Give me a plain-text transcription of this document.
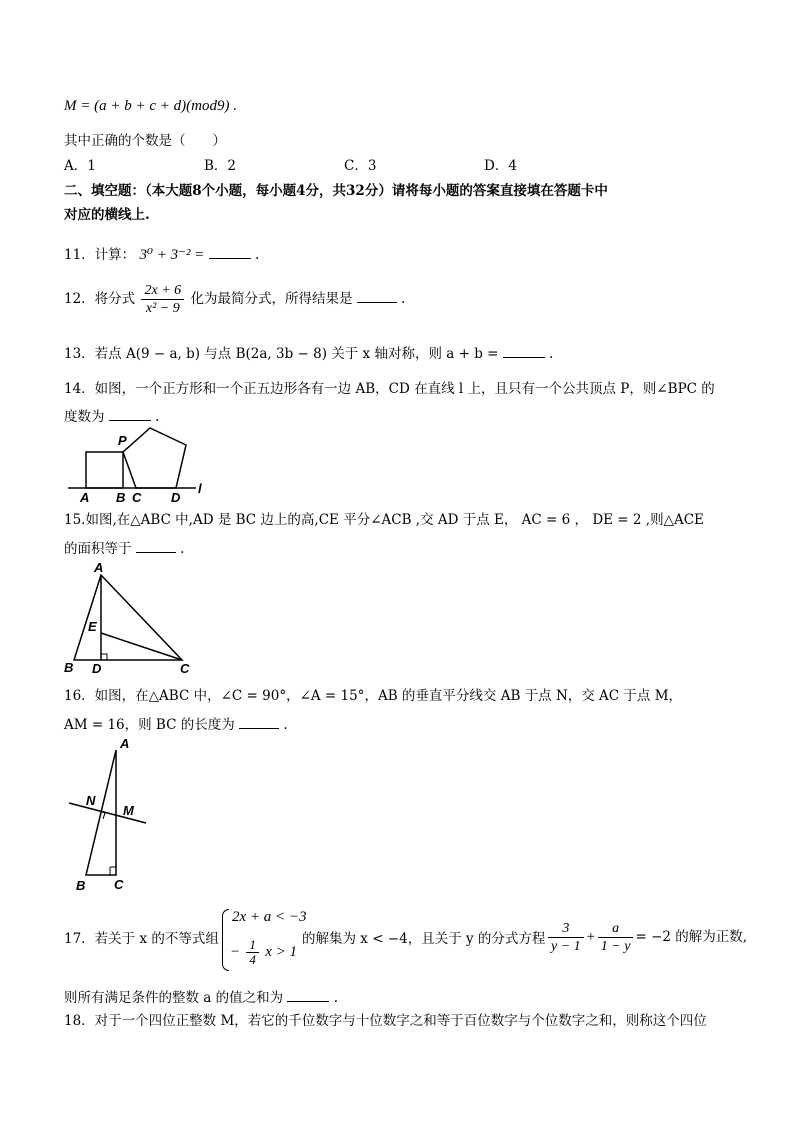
M = (a + b + c + d)(mod9) .
其中正确的个数是（　　）
A．1	B．2	C．3	D．4
二、填空题：（本大题8个小题，每小题4分，共32分）请将每小题的答案直接填在答题卡中
对应的横线上.
11．计算： 3⁰ + 3⁻² =	.
12．将分式 $\frac{2x + 6}{\text{x² − 9}}$ 化为最简分式，所得结果是	.
13．若点 A(9 − a, b) 与点 B(2a, 3b − 8) 关于 x 轴对称，则 a + b =	.
14．如图，一个正方形和一个正五边形各有一边 AB，CD 在直线 l 上，且只有一个公共顶点 P，则∠BPC 的
度数为	.
P
A B C D
l
15.如图,在△ABC 中,AD 是 BC 边上的高,CE 平分∠ACB ,交 AD 于点 E， AC = 6 ， DE = 2 ,则△ACE
的面积等于	.
A
E
B D	C
16．如图，在△ABC 中，∠C = 90°，∠A = 15°，AB 的垂直平分线交 AB 于点 N，交 AC 于点 M，
AM = 16，则 BC 的长度为	.
A
N
M
B C
17．若关于 x 的不等式组
2x + a < −3
− $\frac{1}{4}$ x > 1
的解集为 x < −4，且关于 y 的分式方程 $\frac{3}{y - 1} + \frac{a}{1 - y} = -2$ 的解为正数,
则所有满足条件的整数 a 的值之和为	.
18．对于一个四位正整数 M，若它的千位数字与十位数字之和等于百位数字与个位数字之和，则称这个四位
